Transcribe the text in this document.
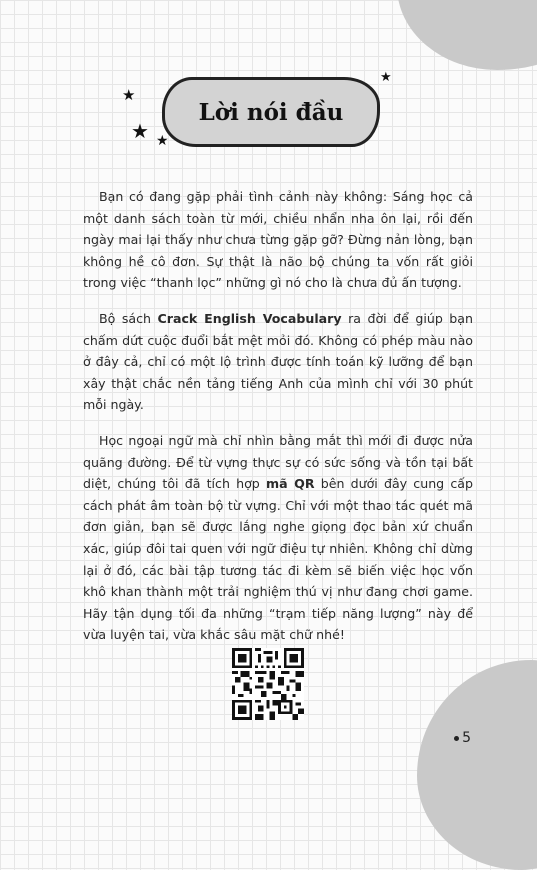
★
★ ★
★
Lời nói đầu

Bạn có đang gặp phải tình cảnh này không: Sáng học cả một danh sách toàn từ mới, chiều nhẩn nha ôn lại, rồi đến ngày mai lại thấy như chưa từng gặp gỡ? Đừng nản lòng, bạn không hề cô đơn. Sự thật là não bộ chúng ta vốn rất giỏi trong việc “thanh lọc” những gì nó cho là chưa đủ ấn tượng.

Bộ sách Crack English Vocabulary ra đời để giúp bạn chấm dứt cuộc đuổi bắt mệt mỏi đó. Không có phép màu nào ở đây cả, chỉ có một lộ trình được tính toán kỹ lưỡng để bạn xây thật chắc nền tảng tiếng Anh của mình chỉ với 30 phút mỗi ngày.

Học ngoại ngữ mà chỉ nhìn bằng mắt thì mới đi được nửa quãng đường. Để từ vựng thực sự có sức sống và tồn tại bất diệt, chúng tôi đã tích hợp mã QR bên dưới đây cung cấp cách phát âm toàn bộ từ vựng. Chỉ với một thao tác quét mã đơn giản, bạn sẽ được lắng nghe giọng đọc bản xứ chuẩn xác, giúp đôi tai quen với ngữ điệu tự nhiên. Không chỉ dừng lại ở đó, các bài tập tương tác đi kèm sẽ biến việc học vốn khô khan thành một trải nghiệm thú vị như đang chơi game. Hãy tận dụng tối đa những “trạm tiếp năng lượng” này để vừa luyện tai, vừa khắc sâu mặt chữ nhé!

5
